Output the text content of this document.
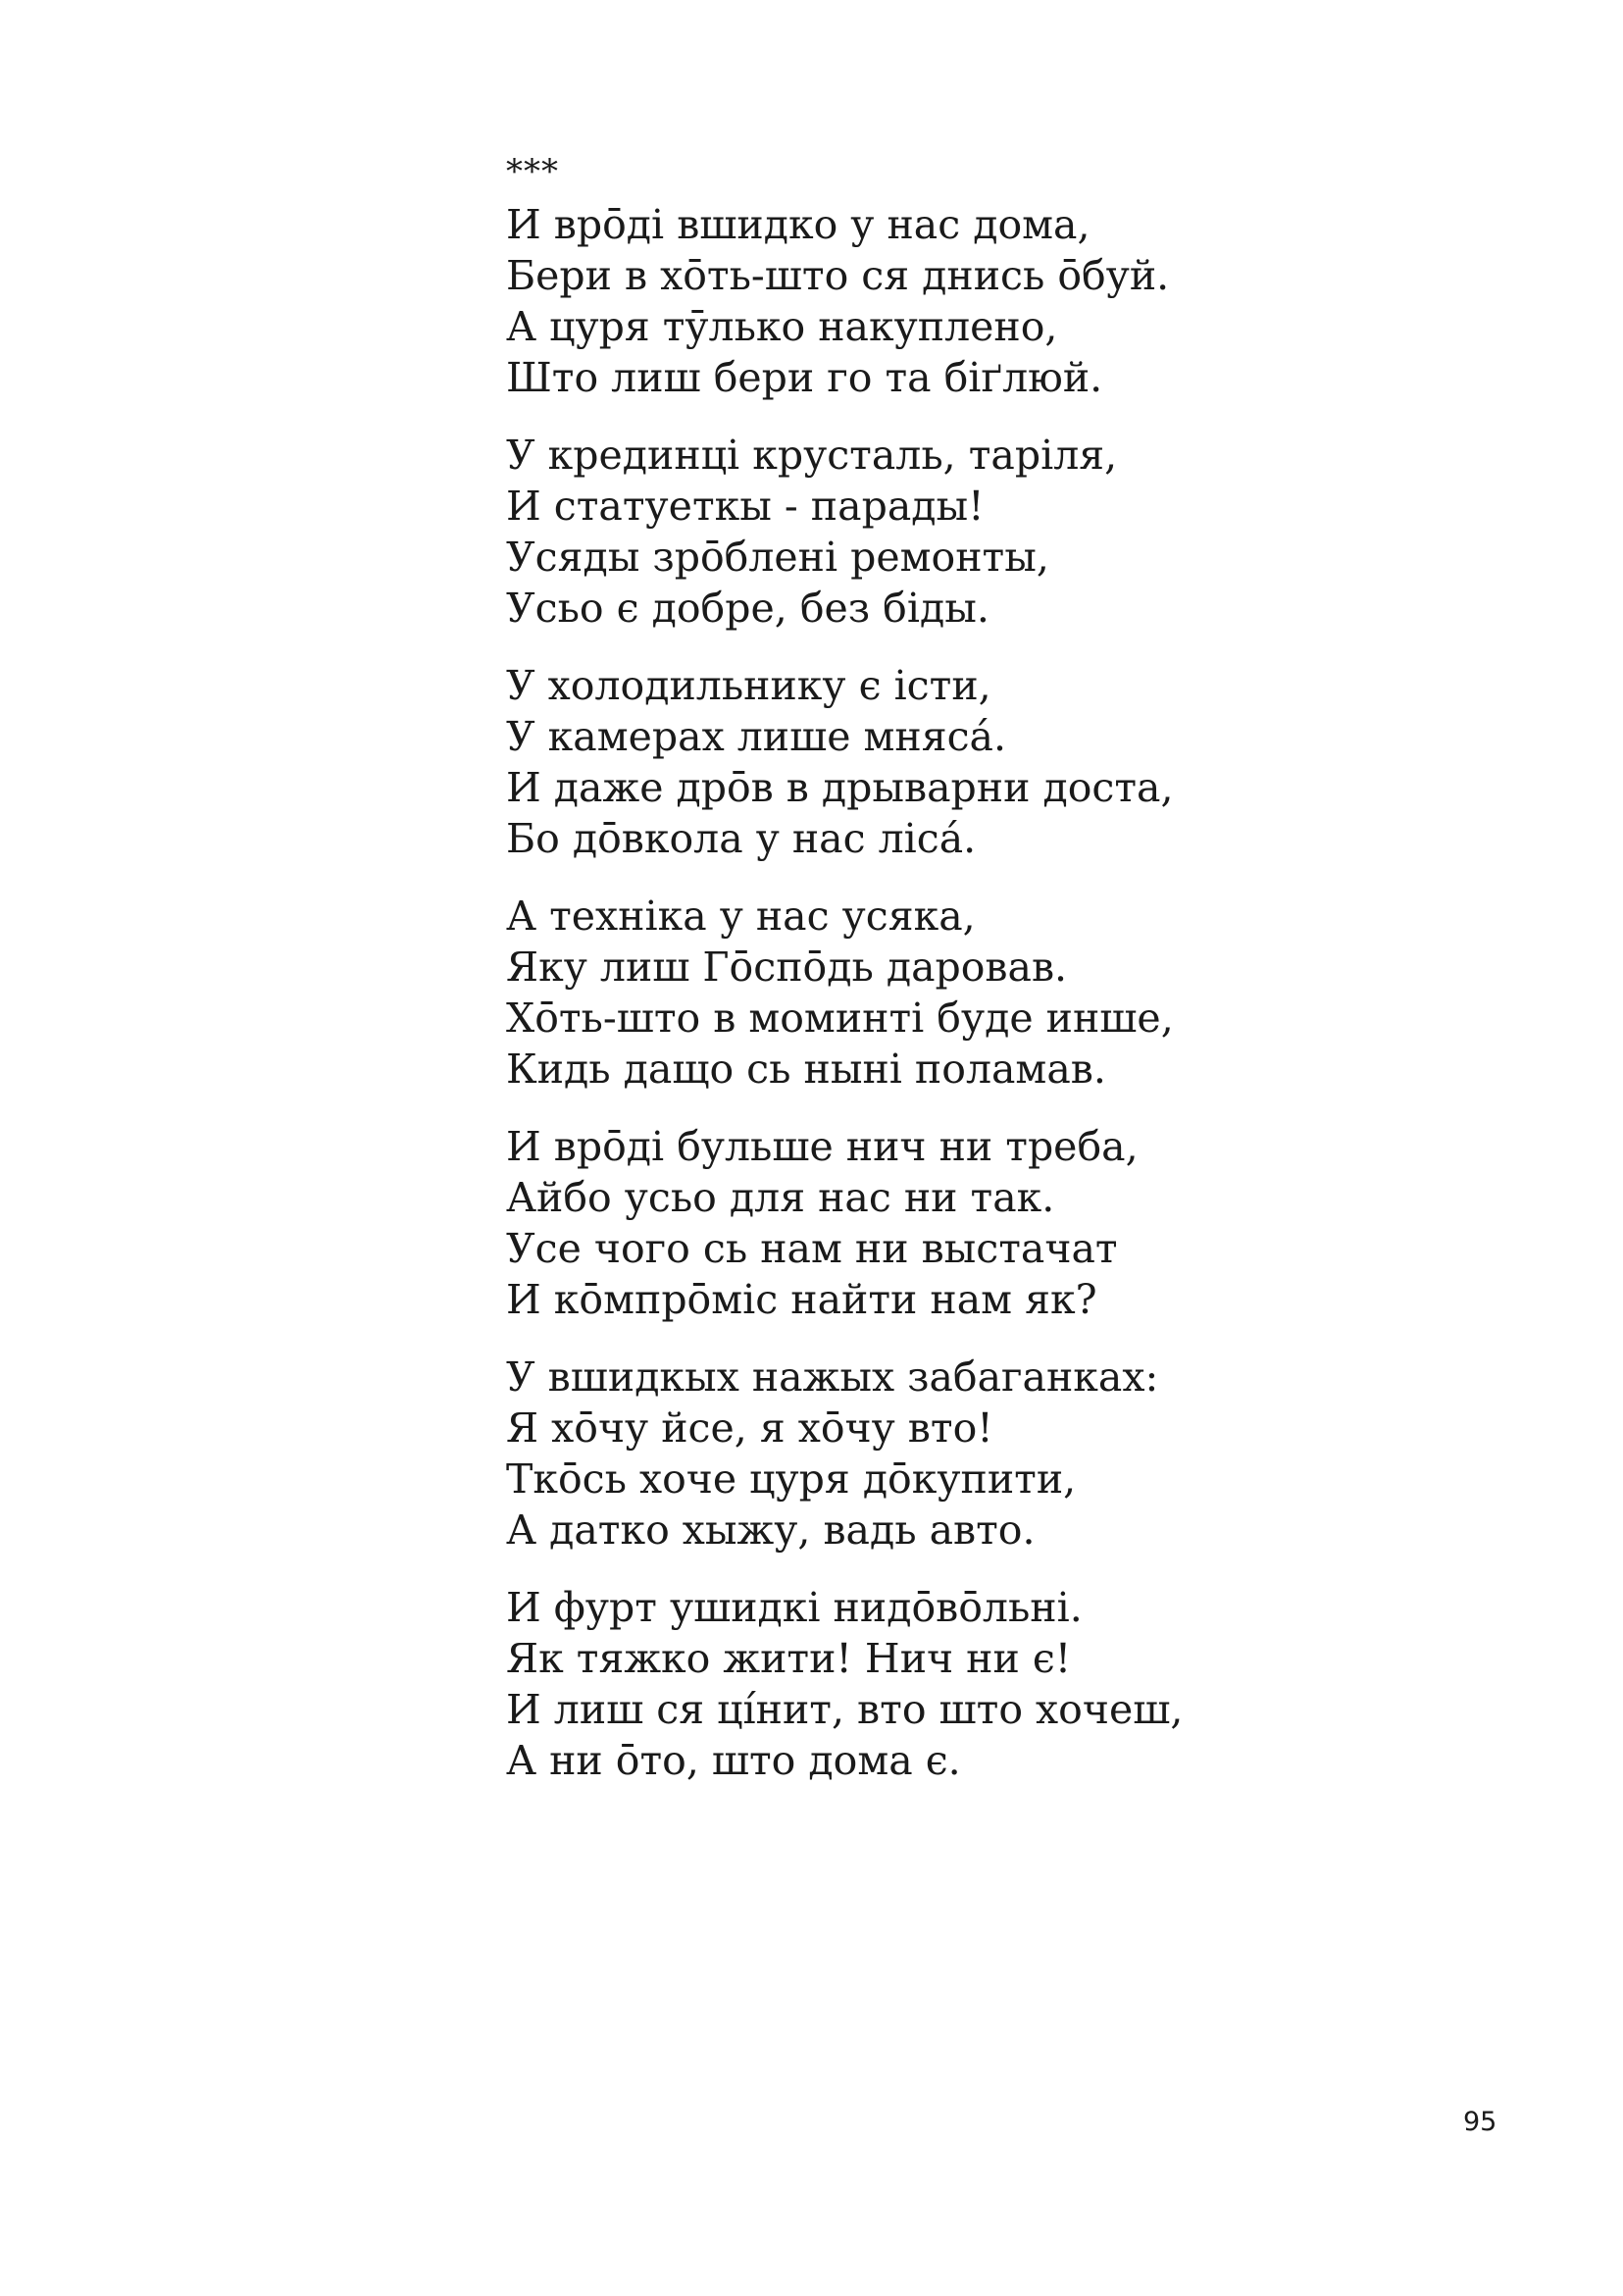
***
И врōді вшидко у нас дома,
Бери в хōть-што ся днись ōбуй.
А цуря тӯлько накуплено,
Што лиш бери го та біґлюй.
У крединці крусталь, таріля,
И статуеткы - парады!
Усяды зрōблені ремонты,
Усьо є добре, без біды.
У холодильнику є істи,
У камерах лише мняса́.
И даже дрōв в дрыварни доста,
Бо дōвкола у нас ліса́.
А техніка у нас усяка,
Яку лиш Гōспōдь даровав.
Хōть-што в моминті буде инше,
Кидь дащо сь ныні поламав.
И врōді бульше нич ни треба,
Айбо усьо для нас ни так.
Усе чого сь нам ни выстачат
И кōмпрōміс найти нам як?
У вшидкых нажых забаганках:
Я хōчу йсе, я хōчу вто!
Ткōсь хоче цуря дōкупити,
А датко хыжу, вадь авто.
И фурт ушидкі нидōвōльні.
Як тяжко жити! Нич ни є!
И лиш ся ці́нит, вто што хочеш,
А ни ōто, што дома є.
95
